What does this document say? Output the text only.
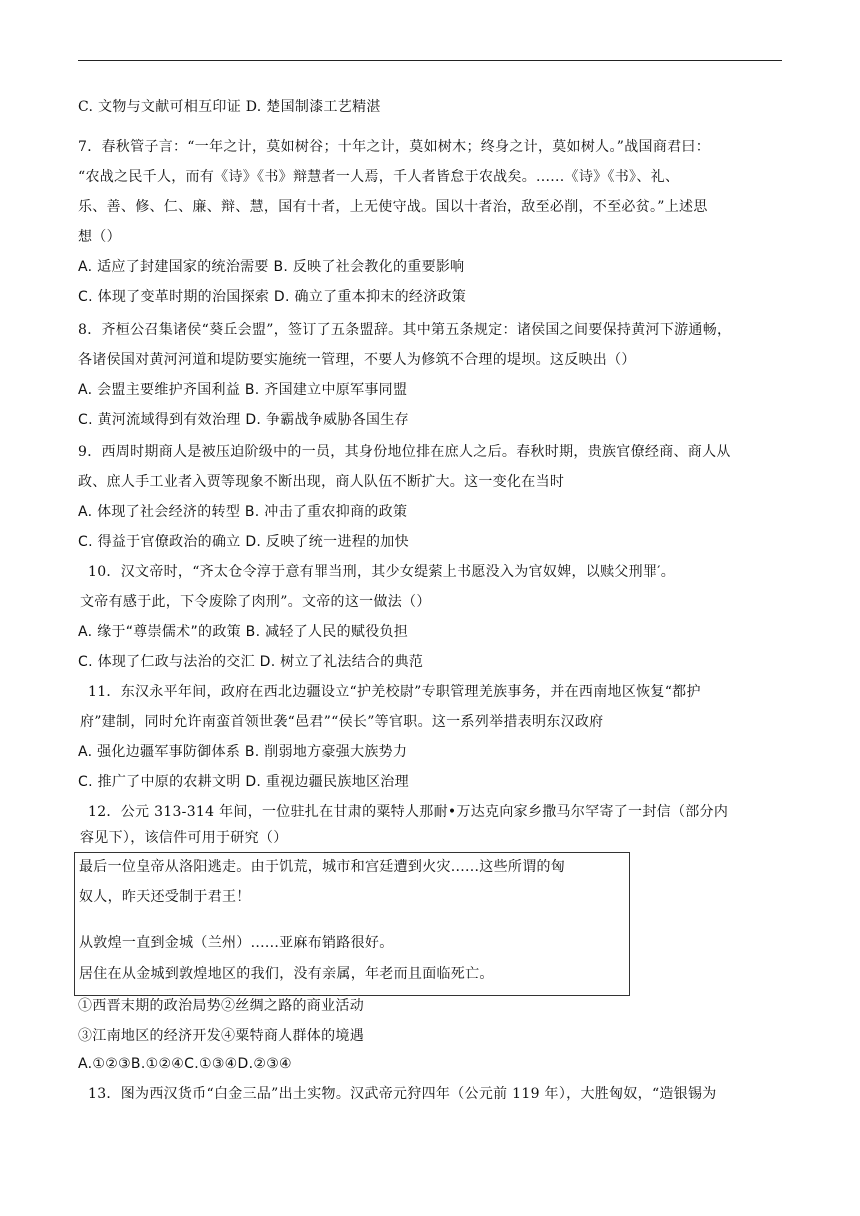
C. 文物与文献可相互印证 D. 楚国制漆工艺精湛
7．春秋管子言：“一年之计，莫如树谷；十年之计，莫如树木；终身之计，莫如树人。”战国商君曰：
“农战之民千人，而有《诗》《书》辩慧者一人焉，千人者皆怠于农战矣。......《诗》《书》、礼、
乐、善、修、仁、廉、辩、慧，国有十者，上无使守战。国以十者治，敌至必削，不至必贫。”上述思
想（）
A. 适应了封建国家的统治需要 B. 反映了社会教化的重要影响
C. 体现了变革时期的治国探索 D. 确立了重本抑末的经济政策
8．齐桓公召集诸侯“葵丘会盟”，签订了五条盟辞。其中第五条规定：诸侯国之间要保持黄河下游通畅，
各诸侯国对黄河河道和堤防要实施统一管理，不要人为修筑不合理的堤坝。这反映出（）
A. 会盟主要维护齐国利益 B. 齐国建立中原军事同盟
C. 黄河流域得到有效治理 D. 争霸战争威胁各国生存
9．西周时期商人是被压迫阶级中的一员，其身份地位排在庶人之后。春秋时期，贵族官僚经商、商人从
政、庶人手工业者入贾等现象不断出现，商人队伍不断扩大。这一变化在当时
A. 体现了社会经济的转型 B. 冲击了重农抑商的政策
C. 得益于官僚政治的确立 D. 反映了统一进程的加快
10．汉文帝时，“齐太仓令淳于意有罪当刑，其少女缇萦上书愿没入为官奴婢，以赎父刑罪′。
文帝有感于此，下令废除了肉刑”。文帝的这一做法（）
A. 缘于“尊崇儒术”的政策 B. 减轻了人民的赋役负担
C. 体现了仁政与法治的交汇 D. 树立了礼法结合的典范
11．东汉永平年间，政府在西北边疆设立“护羌校尉”专职管理羌族事务，并在西南地区恢复“都护
府”建制，同时允许南蛮首领世袭“邑君”“侯长”等官职。这一系列举措表明东汉政府
A. 强化边疆军事防御体系 B. 削弱地方豪强大族势力
C. 推广了中原的农耕文明 D. 重视边疆民族地区治理
12．公元 313-314 年间，一位驻扎在甘肃的粟特人那耐•万达克向家乡撒马尔罕寄了一封信（部分内
容见下），该信件可用于研究（）
最后一位皇帝从洛阳逃走。由于饥荒，城市和宫廷遭到火灾......这些所谓的匈
奴人，昨天还受制于君王！
从敦煌一直到金城（兰州）......亚麻布销路很好。
居住在从金城到敦煌地区的我们，没有亲属，年老而且面临死亡。
①西晋末期的政治局势②丝绸之路的商业活动
③江南地区的经济开发④粟特商人群体的境遇
A.①②③B.①②④C.①③④D.②③④
13．图为西汉货币“白金三品”出土实物。汉武帝元狩四年（公元前 119 年），大胜匈奴，“造银锡为
